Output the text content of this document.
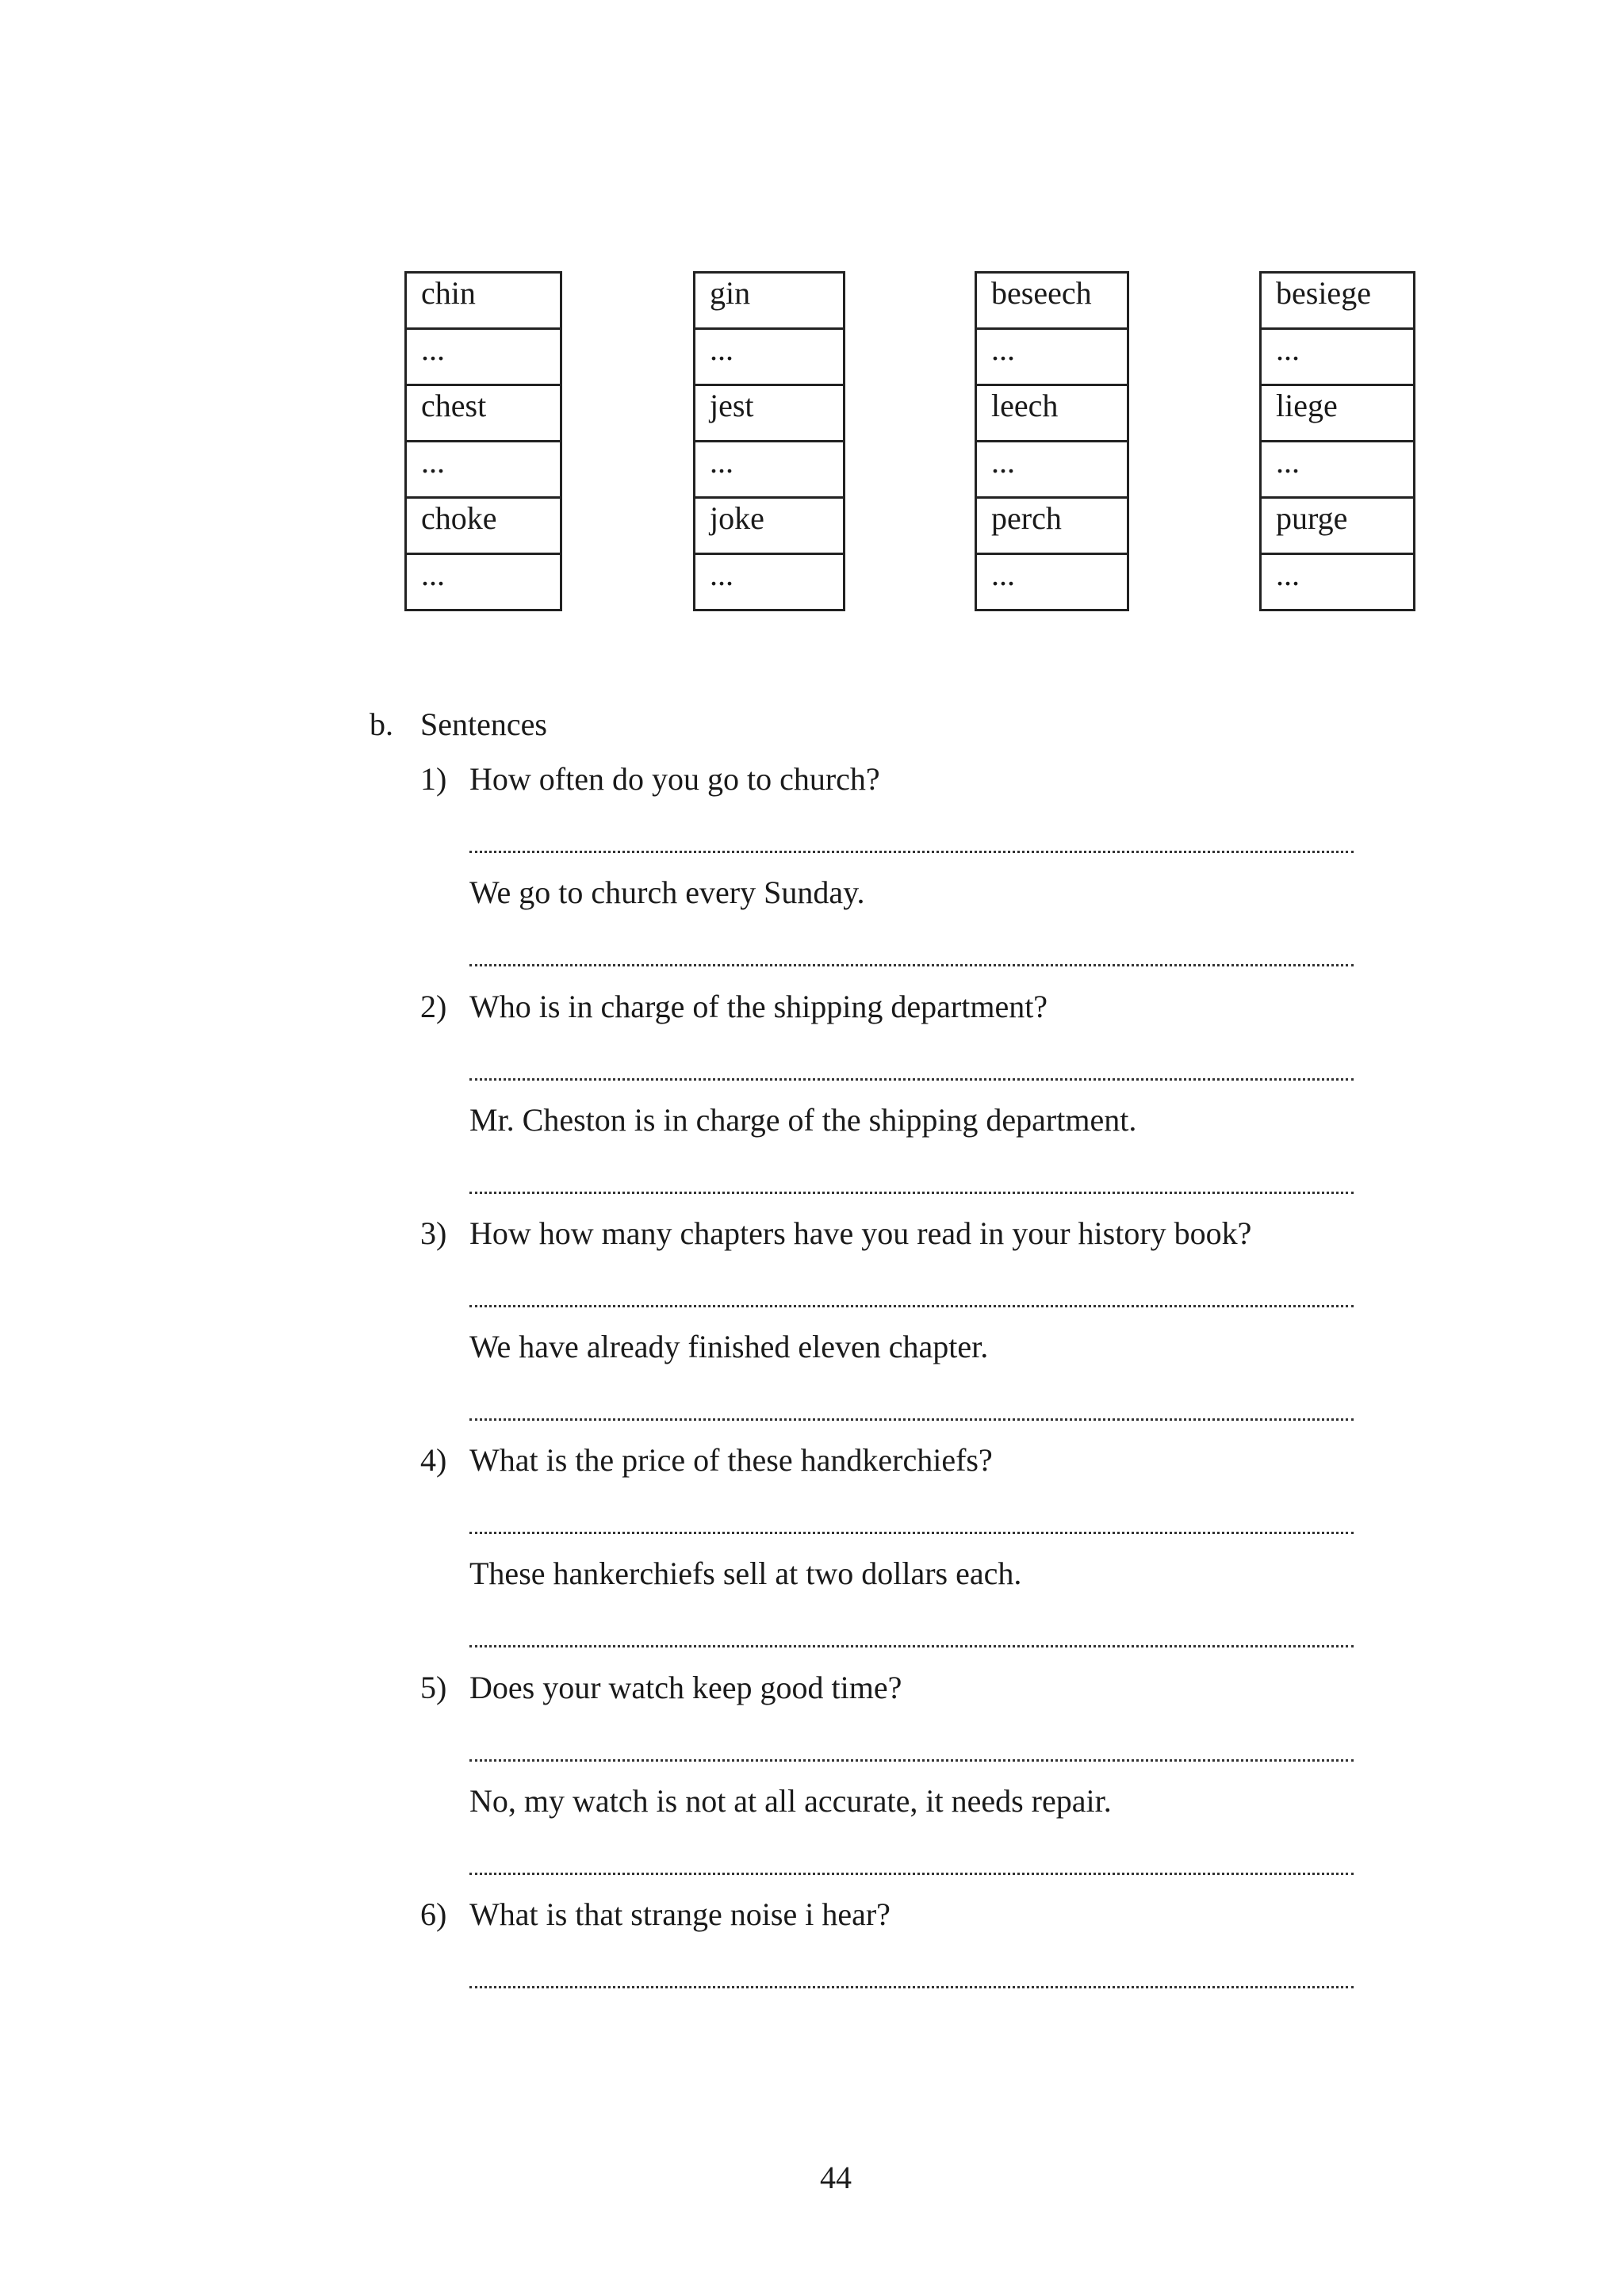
chin
...
chest
...
choke
...
gin
...
jest
...
joke
...
beseech
...
leech
...
perch
...
besiege
...
liege
...
purge
...
b. Sentences
1) How often do you go to church?
We go to church every Sunday.
2) Who is in charge of the shipping department?
Mr. Cheston is in charge of the shipping department.
3) How how many chapters have you read in your history book?
We have already finished eleven chapter.
4) What is the price of these handkerchiefs?
These hankerchiefs sell at two dollars each.
5) Does your watch keep good time?
No, my watch is not at all accurate, it needs repair.
6) What is that strange noise i hear?
44
